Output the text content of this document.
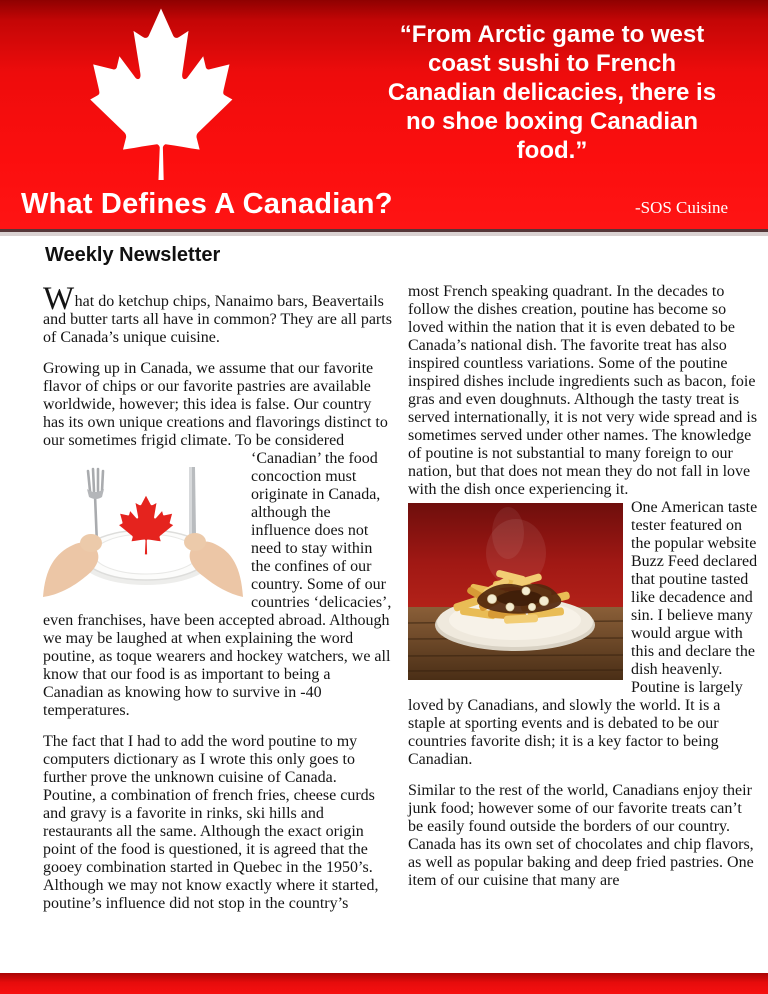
“From Arctic game to west
coast sushi to French
Canadian delicacies, there is
no shoe boxing Canadian
food.”
What Defines A Canadian?	-SOS Cuisine
Weekly Newsletter

What do ketchup chips, Nanaimo bars, Beavertails and butter tarts all have in common? They are all parts of Canada’s unique cuisine.

Growing up in Canada, we assume that our favorite flavor of chips or our favorite pastries are available worldwide, however; this idea is false. Our country has its own unique creations and flavorings distinct to our sometimes frigid climate. To be considered

‘Canadian’ the food concoction must originate in Canada, although the influence does not need to stay within the confines of our country. Some of our countries ‘delicacies’, even franchises, have been accepted abroad. Although we may be laughed at when explaining the word poutine, as toque wearers and hockey watchers, we all know that our food is as important to being a Canadian as knowing how to survive in -40 temperatures.

The fact that I had to add the word poutine to my computers dictionary as I wrote this only goes to further prove the unknown cuisine of Canada. Poutine, a combination of french fries, cheese curds and gravy is a favorite in rinks, ski hills and restaurants all the same. Although the exact origin point of the food is questioned, it is agreed that the gooey combination started in Quebec in the 1950’s. Although we may not know exactly where it started, poutine’s influence did not stop in the country’s

most French speaking quadrant. In the decades to follow the dishes creation, poutine has become so loved within the nation that it is even debated to be Canada’s national dish. The favorite treat has also inspired countless variations. Some of the poutine inspired dishes include ingredients such as bacon, foie gras and even doughnuts. Although the tasty treat is served internationally, it is not very wide spread and is sometimes served under other names. The knowledge of poutine is not substantial to many foreign to our nation, but that does not mean they do not fall in love with the dish once experiencing it.

One American taste tester featured on the popular website Buzz Feed declared that poutine tasted like decadence and sin. I believe many would argue with this and declare the dish heavenly. Poutine is largely loved by Canadians, and slowly the world. It is a staple at sporting events and is debated to be our countries favorite dish; it is a key factor to being Canadian.

Similar to the rest of the world, Canadians enjoy their junk food; however some of our favorite treats can’t be easily found outside the borders of our country. Canada has its own set of chocolates and chip flavors, as well as popular baking and deep fried pastries. One item of our cuisine that many are
